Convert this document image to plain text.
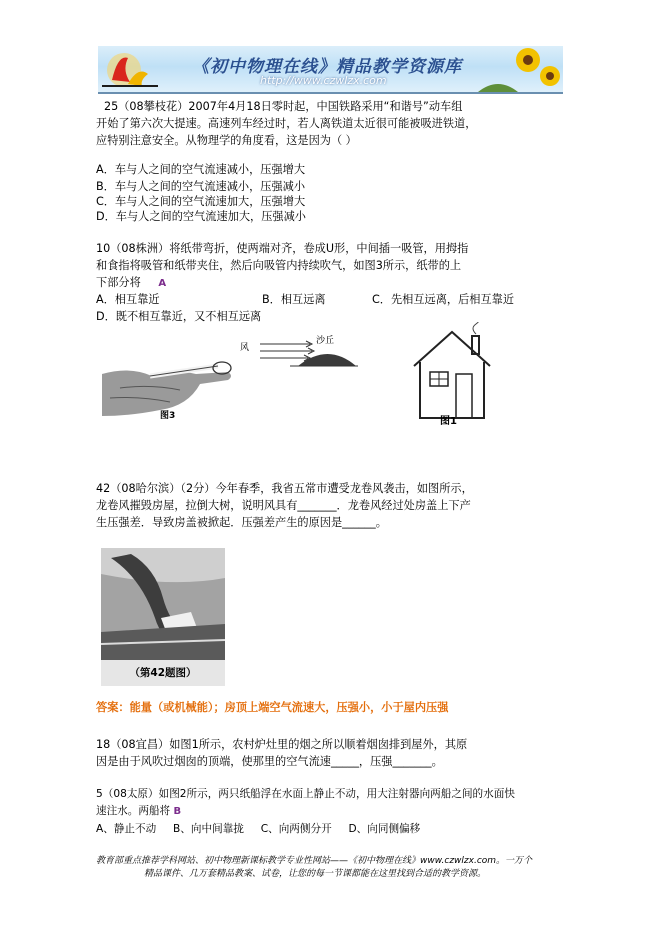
《初中物理在线》精品教学资源库
http://www.czwlzx.com
25（08攀枝花）2007年4月18日零时起，中国铁路采用“和谐号”动车组
开始了第六次大提速。高速列车经过时，若人离铁道太近很可能被吸进铁道，
应特别注意安全。从物理学的角度看，这是因为（ ）
A．车与人之间的空气流速减小，压强增大
B．车与人之间的空气流速减小，压强减小
C．车与人之间的空气流速加大，压强增大
D．车与人之间的空气流速加大，压强减小
10（08株洲）将纸带弯折，使两端对齐，卷成U形，中间插一吸管，用拇指
和食指将吸管和纸带夹住，然后向吸管内持续吹气，如图3所示，纸带的上
下部分将 A
A．相互靠近	B．相互远离	C．先相互远离，后相互靠近
D．既不相互靠近，又不相互远离
图3
风
沙丘
图1
42（08哈尔滨）（2分）今年春季，我省五常市遭受龙卷风袭击，如图所示，
龙卷风摧毁房屋，拉倒大树，说明风具有_______．龙卷风经过处房盖上下产
生压强差．导致房盖被掀起．压强差产生的原因是______。
（第42题图）
答案：能量（或机械能）；房顶上端空气流速大，压强小，小于屋内压强
18（08宜昌）如图1所示，农村炉灶里的烟之所以顺着烟囱排到屋外，其原
因是由于风吹过烟囱的顶端，使那里的空气流速_____，压强_______。
5（08太原）如图2所示，两只纸船浮在水面上静止不动，用大注射器向两船之间的水面快
速注水。两船将 B
A、静止不动     B、向中间靠拢     C、向两侧分开     D、向同侧偏移
教育部重点推荐学科网站、初中物理新课标教学专业性网站——《初中物理在线》www.czwlzx.com。一万个
精品课件、几万套精品教案、试卷，让您的每一节课都能在这里找到合适的教学资源。
